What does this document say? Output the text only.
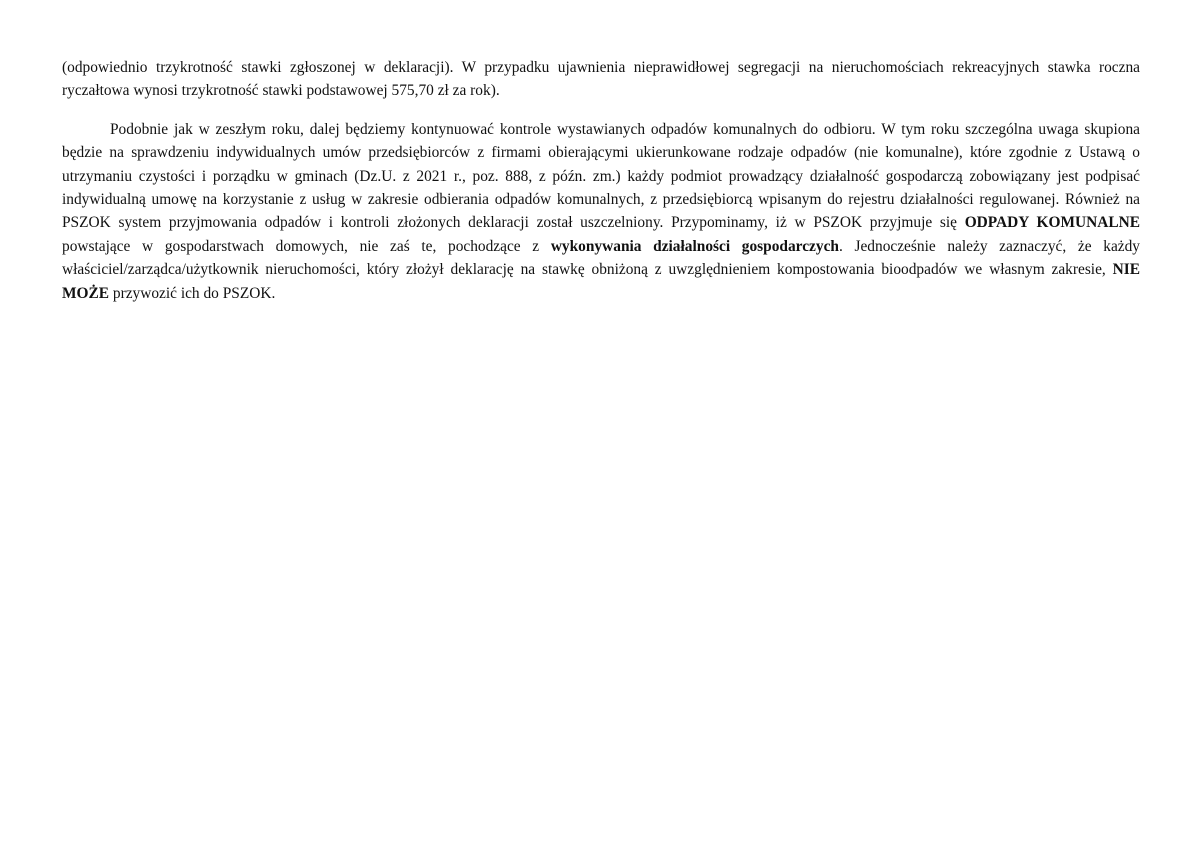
(odpowiednio trzykrotność stawki zgłoszonej w deklaracji). W przypadku ujawnienia nieprawidłowej segregacji na nieruchomościach rekreacyjnych stawka roczna ryczałtowa wynosi trzykrotność stawki podstawowej 575,70 zł za rok).

Podobnie jak w zeszłym roku, dalej będziemy kontynuować kontrole wystawianych odpadów komunalnych do odbioru. W tym roku szczególna uwaga skupiona będzie na sprawdzeniu indywidualnych umów przedsiębiorców z firmami obierającymi ukierunkowane rodzaje odpadów (nie komunalne), które zgodnie z Ustawą o utrzymaniu czystości i porządku w gminach (Dz.U. z 2021 r., poz. 888, z późn. zm.) każdy podmiot prowadzący działalność gospodarczą zobowiązany jest podpisać indywidualną umowę na korzystanie z usług w zakresie odbierania odpadów komunalnych, z przedsiębiorcą wpisanym do rejestru działalności regulowanej. Również na PSZOK system przyjmowania odpadów i kontroli złożonych deklaracji został uszczelniony. Przypominamy, iż w PSZOK przyjmuje się ODPADY KOMUNALNE powstające w gospodarstwach domowych, nie zaś te, pochodzące z wykonywania działalności gospodarczych. Jednocześnie należy zaznaczyć, że każdy właściciel/zarządca/użytkownik nieruchomości, który złożył deklarację na stawkę obniżoną z uwzględnieniem kompostowania bioodpadów we własnym zakresie, NIE MOŻE przywozić ich do PSZOK.
